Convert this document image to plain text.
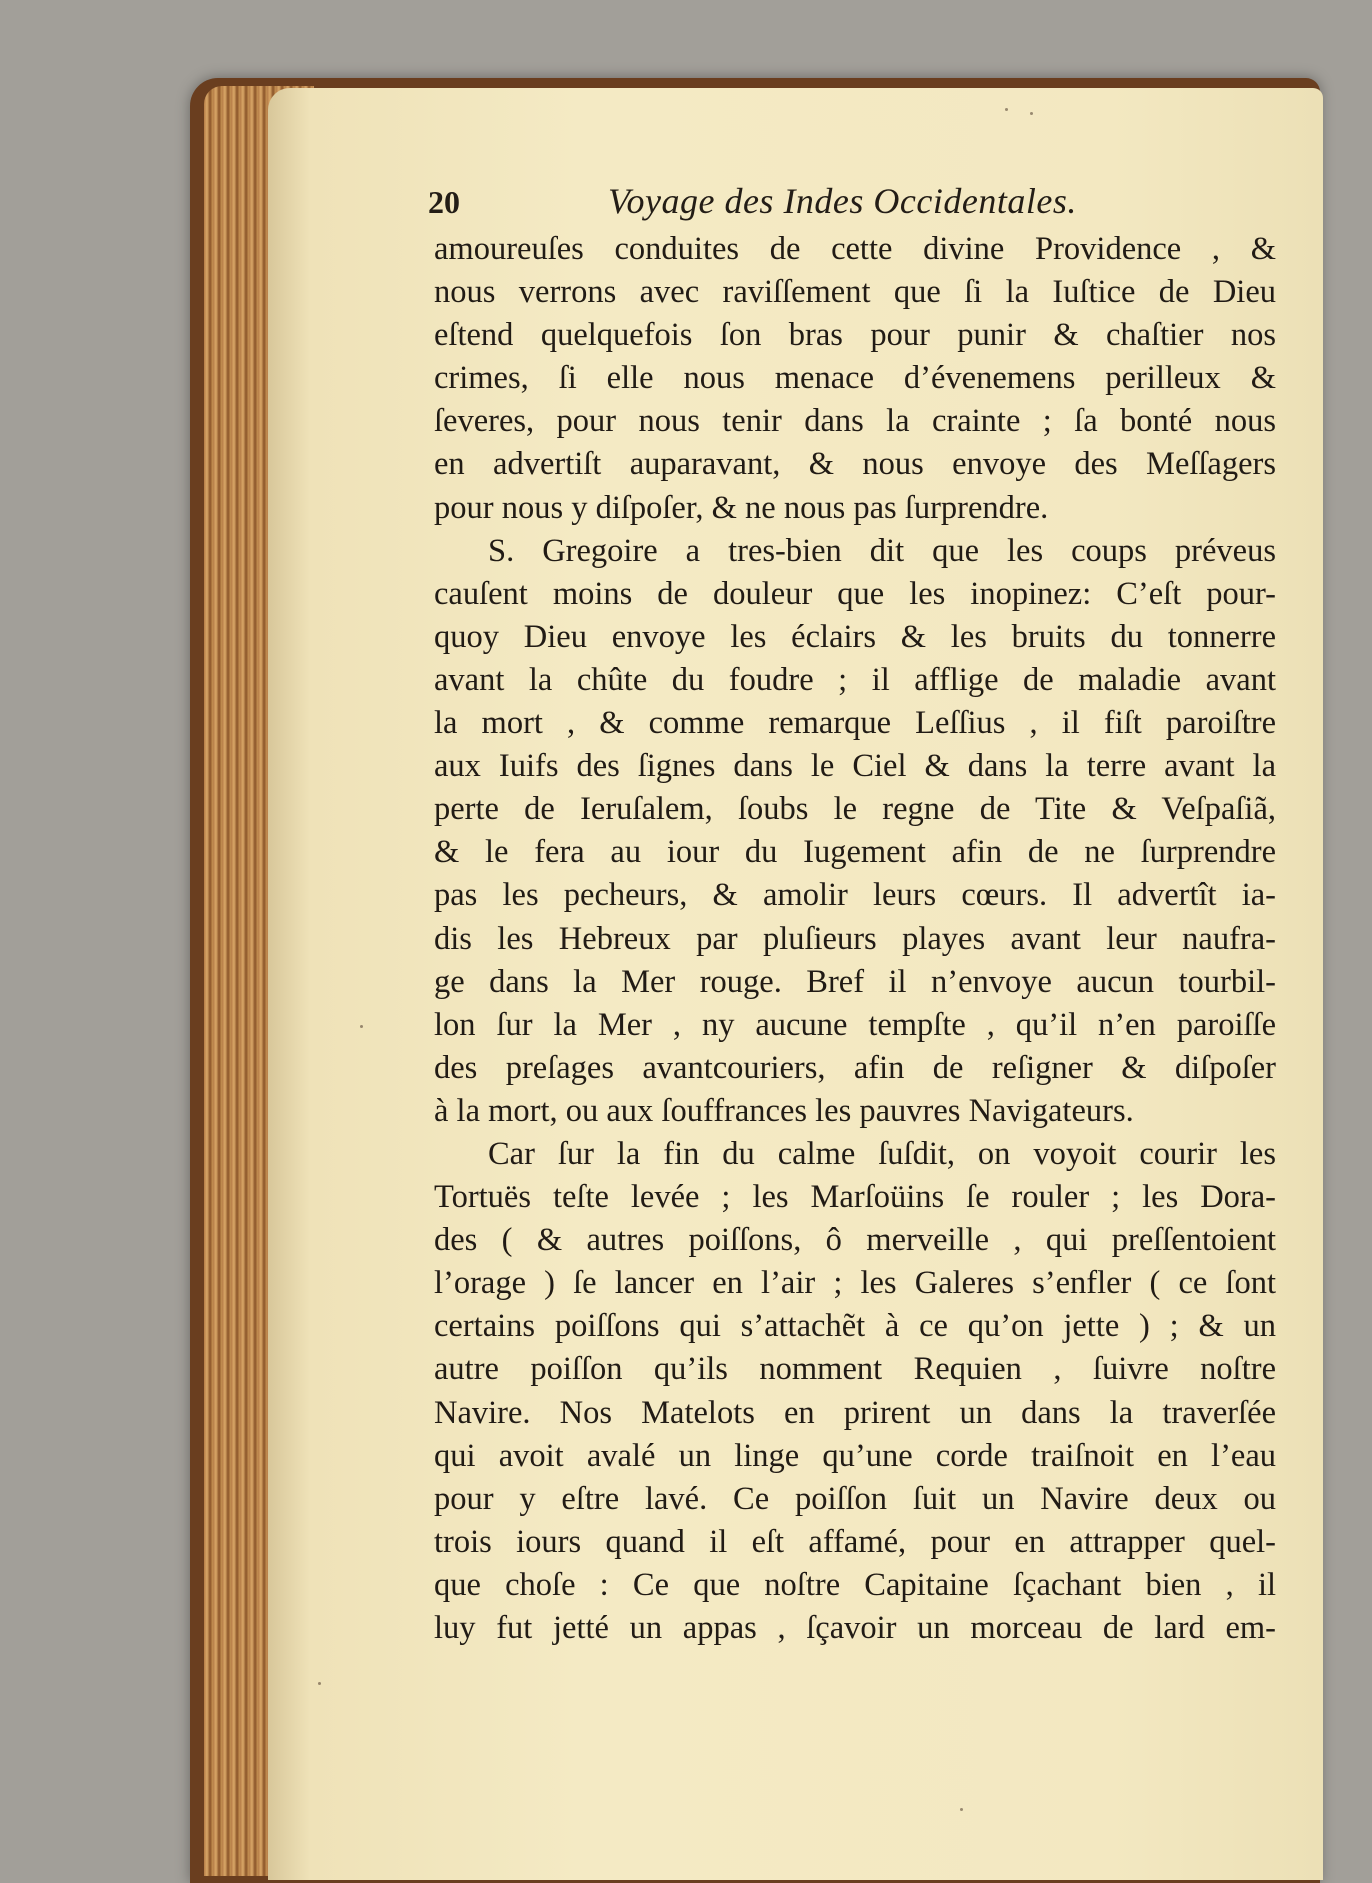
20	Voyage des Indes Occidentales.
amoureuſes conduites de cette divine Providence , &
nous verrons avec raviſſement que ſi la Iuſtice de Dieu
eſtend quelquefois ſon bras pour punir & chaſtier nos
crimes, ſi elle nous menace d’évenemens perilleux &
ſeveres, pour nous tenir dans la crainte ; ſa bonté nous
en advertiſt auparavant, & nous envoye des Meſſagers
pour nous y diſpoſer, & ne nous pas ſurprendre.
S. Gregoire a tres-bien dit que les coups préveus
cauſent moins de douleur que les inopinez: C’eſt pour-
quoy Dieu envoye les éclairs & les bruits du tonnerre
avant la chûte du foudre ; il afflige de maladie avant
la mort , & comme remarque Leſſius , il fiſt paroiſtre
aux Iuifs des ſignes dans le Ciel & dans la terre avant la
perte de Ieruſalem, ſoubs le regne de Tite & Veſpaſiã,
& le fera au iour du Iugement afin de ne ſurprendre
pas les pecheurs, & amolir leurs cœurs. Il advertît ia-
dis les Hebreux par pluſieurs playes avant leur naufra-
ge dans la Mer rouge. Bref il n’envoye aucun tourbil-
lon ſur la Mer , ny aucune tempſte , qu’il n’en paroiſſe
des preſages avantcouriers, afin de reſigner & diſpoſer
à la mort, ou aux ſouffrances les pauvres Navigateurs.
Car ſur la fin du calme ſuſdit, on voyoit courir les
Tortuës teſte levée ; les Marſoüins ſe rouler ; les Dora-
des ( & autres poiſſons, ô merveille , qui preſſentoient
l’orage ) ſe lancer en l’air ; les Galeres s’enfler ( ce ſont
certains poiſſons qui s’attachẽt à ce qu’on jette ) ; & un
autre poiſſon qu’ils nomment Requien , ſuivre noſtre
Navire. Nos Matelots en prirent un dans la traverſée
qui avoit avalé un linge qu’une corde traiſnoit en l’eau
pour y eſtre lavé. Ce poiſſon ſuit un Navire deux ou
trois iours quand il eſt affamé, pour en attrapper quel-
que choſe : Ce que noſtre Capitaine ſçachant bien , il
luy fut jetté un appas , ſçavoir un morceau de lard em-
